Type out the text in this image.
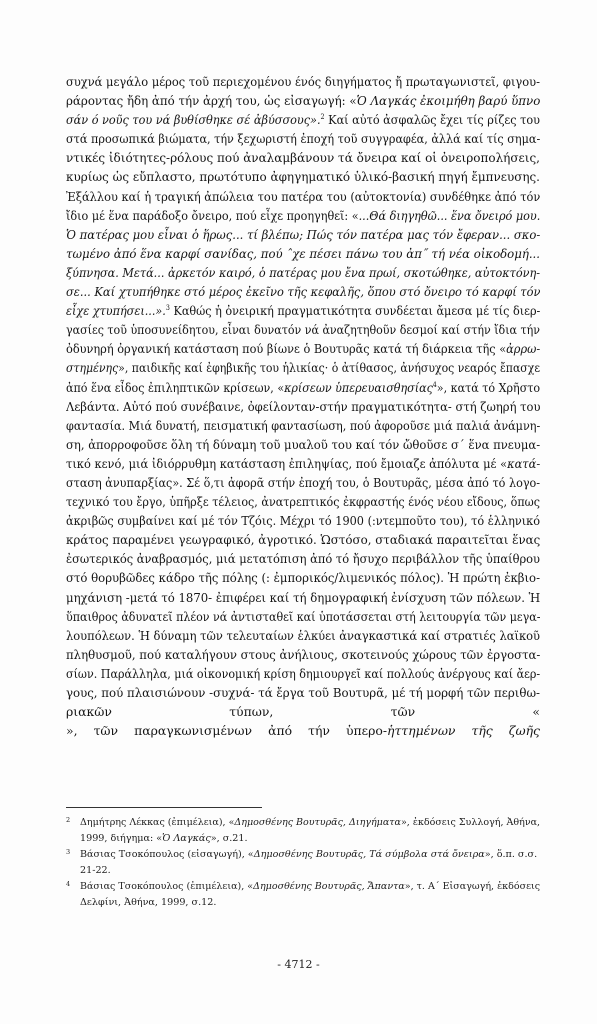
συχνά μεγάλο μέρος τοῦ περιεχομένου ένός διηγήματος ἤ πρωταγωνιστεῖ, φιγου-
ράροντας ἤδη ἀπό τήν ἀρχή του, ὡς εἰσαγωγή: «Ὁ Λαγκάς ἐκοιμήθη βαρύ ὕπνο
σάν ό νοῦς του νά βυθίσθηκε σέ ἀβύσσους».$^2$ Καί αὐτό ἀσφαλῶς ἔχει τίς ρίζες του
στά προσωπικά βιώματα, τήν ξεχωριστή ἐποχή τοῦ συγγραφέα, ἀλλά καί τίς σημα-
ντικές ἰδιότητες-ρόλους πού ἀναλαμβάνουν τά ὄνειρα καί οἱ ὀνειροπολήσεις,
κυρίως ὡς εὔπλαστο, πρωτότυπο ἀφηγηματικό ὑλικό-βασική πηγή ἔμπνευσης.
Ἐξάλλου καί ἡ τραγική ἀπώλεια του πατέρα του (αὐτοκτονία) συνδέθηκε ἀπό τόν
ἴδιο μέ ἕνα παράδοξο ὄνειρο, πού εἶχε προηγηθεῖ: «...Θά διηγηθῶ... ἕνα ὄνειρό μου.
Ὁ πατέρας μου εἶναι ὁ ἥρως... τί βλέπω; Πώς τόν πατέρα μας τόν ἔφεραν... σκο-
τωμένο ἀπό ἕνα καρφί σανίδας, πού ˆχε πέσει πάνω του ἀπ˝ τή νέα οἰκοδομή...
ξύπνησα. Μετά... ἀρκετόν καιρό, ὁ πατέρας μου ἔνα πρωί, σκοτώθηκε, αὐτοκτόνη-
σε... Καί χτυπήθηκε στό μέρος ἐκεῖνο τῆς κεφαλῆς, ὅπου στό ὄνειρο τό καρφί τόν
εἶχε χτυπήσει...».$^3$ Καθώς ἡ ὀνειρική πραγματικότητα συνδέεται ἄμεσα μέ τίς διερ-
γασίες τοῦ ὑποσυνείδητου, εἶναι δυνατόν νά ἀναζητηθοῦν δεσμοί καί στήν ἴδια τήν
ὀδυνηρή ὀργανική κατάσταση πού βίωνε ὁ Βουτυρᾶς κατά τή διάρκεια τῆς «ἀρρω-
στημένης», παιδικῆς καί ἐφηβικῆς του ἡλικίας· ὁ ἀτίθασος, ἀνήσυχος νεαρός ἔπασχε
ἀπό ἕνα εἶδος ἐπιληπτικῶν κρίσεων, «κρίσεων ὑπερευαισθησίας$^4$», κατά τό Χρῆστο
Λεβάντα. Αὐτό πού συνέβαινε, ὀφείλονταν-στήν πραγματικότητα- στή ζωηρή του
φαντασία. Μιά δυνατή, πεισματική φαντασίωση, πού ἀφοροῦσε μιά παλιά ἀνάμνη-
ση, ἀπορροφοῦσε ὅλη τή δύναμη τοῦ μυαλοῦ του καί τόν ὤθοῦσε σ΄ ἕνα πνευμα-
τικό κενό, μιά ἰδιόρρυθμη κατάσταση ἐπιληψίας, πού ἔμοιαζε ἀπόλυτα μέ «κατά-
σταση ἀνυπαρξίας». Σέ ὅ,τι ἀφορᾶ στήν ἐποχή του, ὁ Βουτυρᾶς, μέσα ἀπό τό λογο-
τεχνικό του ἔργο, ὑπῆρξε τέλειος, ἀνατρεπτικός ἐκφραστής ένός νέου εἴδους, ὅπως
ἀκριβῶς συμβαίνει καί μέ τόν Τζόις. Μέχρι τό 1900 (:ντεμποῦτο του), τό ἑλληνικό
κράτος παραμένει γεωγραφικό, ἀγροτικό. Ὡστόσο, σταδιακά παραιτεῖται ἕνας
ἐσωτερικός ἀναβρασμός, μιά μετατόπιση ἀπό τό ἤσυχο περιβάλλον τῆς ὑπαίθρου
στό θορυβῶδες κάδρο τῆς πόλης (: ἐμπορικός/λιμενικός πόλος). Ἡ πρώτη ἐκβιο-
μηχάνιση -μετά τό 1870- ἐπιφέρει καί τή δημογραφική ἐνίσχυση τῶν πόλεων. Ἡ
ὕπαιθρος ἀδυνατεῖ πλέον νά ἀντισταθεῖ καί ὑποτάσσεται στή λειτουργία τῶν μεγα-
λουπόλεων. Ἡ δύναμη τῶν τελευταίων ἑλκύει ἀναγκαστικά καί στρατιές λαϊκοῦ
πληθυσμοῦ, πού καταλήγουν στους ἀνήλιους, σκοτεινούς χώρους τῶν ἐργοστα-
σίων. Παράλληλα, μιά οἰκονομική κρίση δημιουργεῖ καί πολλούς ἀνέργους καί ἄερ-
γους, πού πλαισιώνουν -συχνά- τά ἔργα τοῦ Βουτυρᾶ, μέ τή μορφή τῶν περιθω-
ριακῶν τύπων, τῶν «
», τῶν παραγκωνισμένων ἀπό τήν ὑπερο-ἡττημένων τῆς ζωῆς
2 Δημήτρης Λέκκας (ἐπιμέλεια), «Δημοσθένης Βουτυρᾶς, Διηγήματα», ἐκδόσεις Συλλογή, Ἀθήνα,
1999, διήγημα: «Ὁ Λαγκάς», σ.21.
3 Βάσιας Τσοκόπουλος (εἰσαγωγή), «Δημοσθένης Βουτυρᾶς, Τά σύμβολα στά ὄνειρα», ὅ.π. σ.σ.
21-22.
4 Βάσιας Τσοκόπουλος (ἐπιμέλεια), «Δημοσθένης Βουτυρᾶς, Ἄπαντα», τ. Α΄ Εἰσαγωγή, ἐκδόσεις
Δελφίνι, Ἀθήνα, 1999, σ.12.
- 4712 -
